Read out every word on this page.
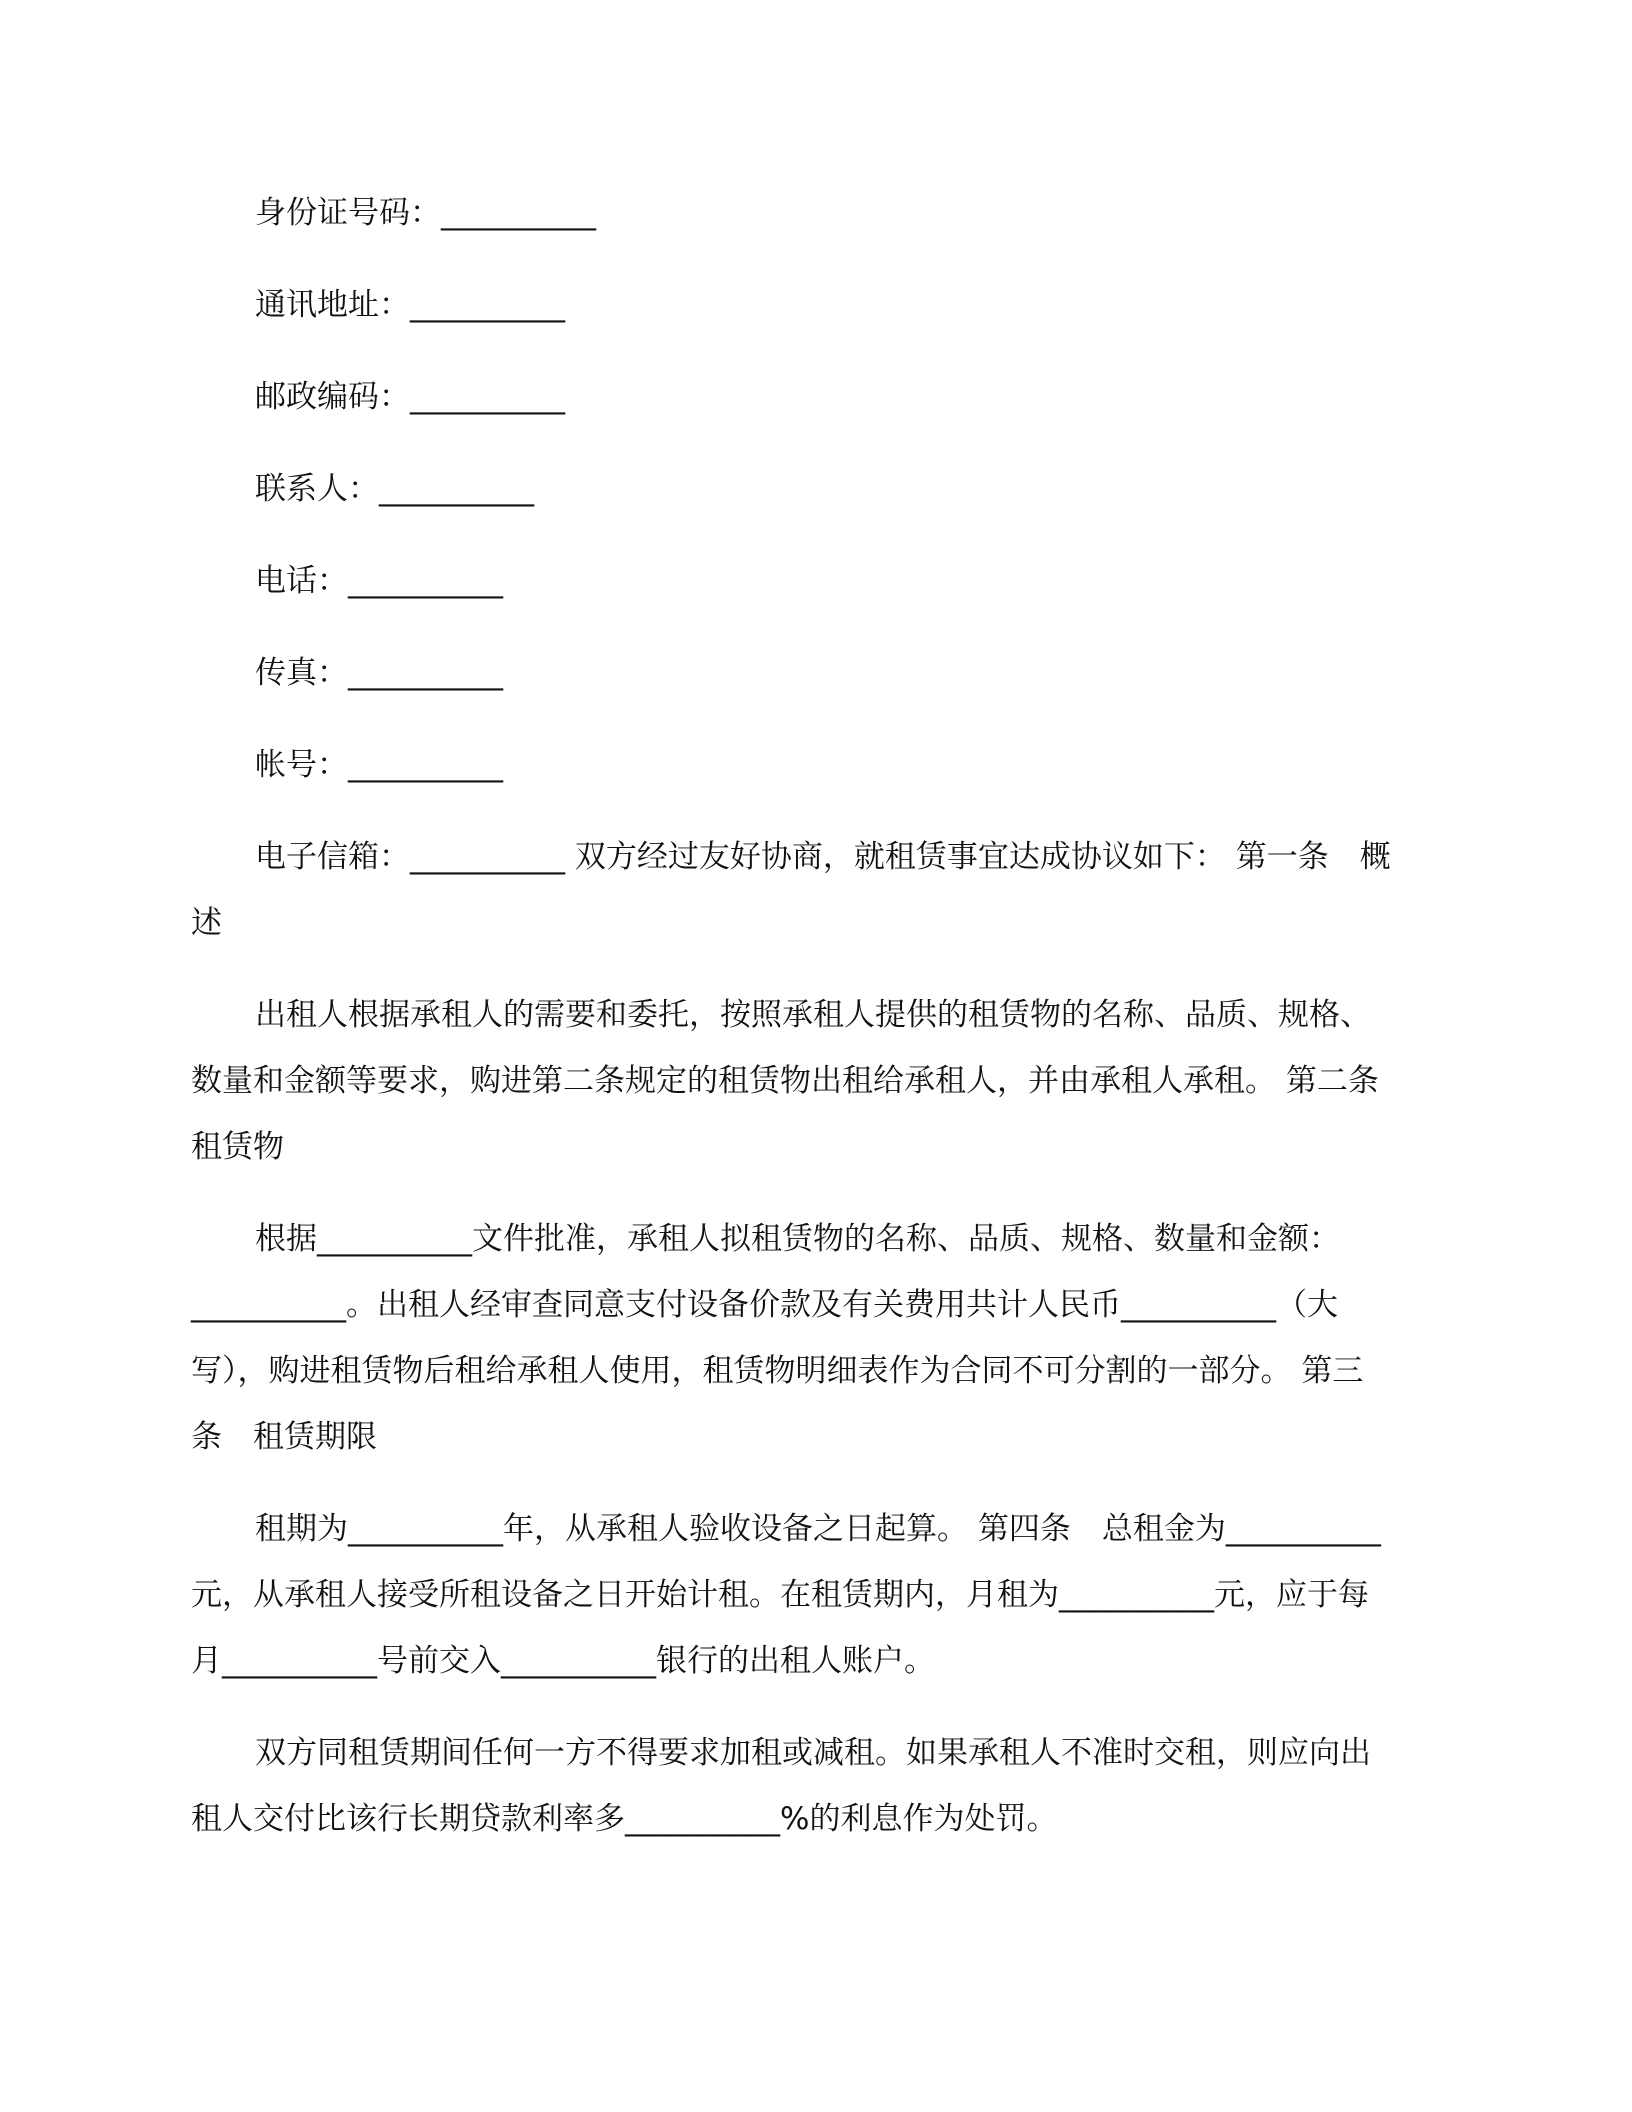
身份证号码：__________
通讯地址：__________
邮政编码：__________
联系人：__________
电话：__________
传真：__________
帐号：__________
电子信箱：__________ 双方经过友好协商，就租赁事宜达成协议如下： 第一条　概
述
出租人根据承租人的需要和委托，按照承租人提供的租赁物的名称、品质、规格、
数量和金额等要求，购进第二条规定的租赁物出租给承租人，并由承租人承租。 第二条
租赁物
根据__________文件批准，承租人拟租赁物的名称、品质、规格、数量和金额：
__________。出租人经审查同意支付设备价款及有关费用共计人民币__________（大
写），购进租赁物后租给承租人使用，租赁物明细表作为合同不可分割的一部分。 第三
条　租赁期限
租期为__________年，从承租人验收设备之日起算。 第四条　总租金为__________
元，从承租人接受所租设备之日开始计租。在租赁期内，月租为__________元，应于每
月__________号前交入__________银行的出租人账户。
双方同租赁期间任何一方不得要求加租或减租。如果承租人不准时交租，则应向出
租人交付比该行长期贷款利率多__________%的利息作为处罚。
